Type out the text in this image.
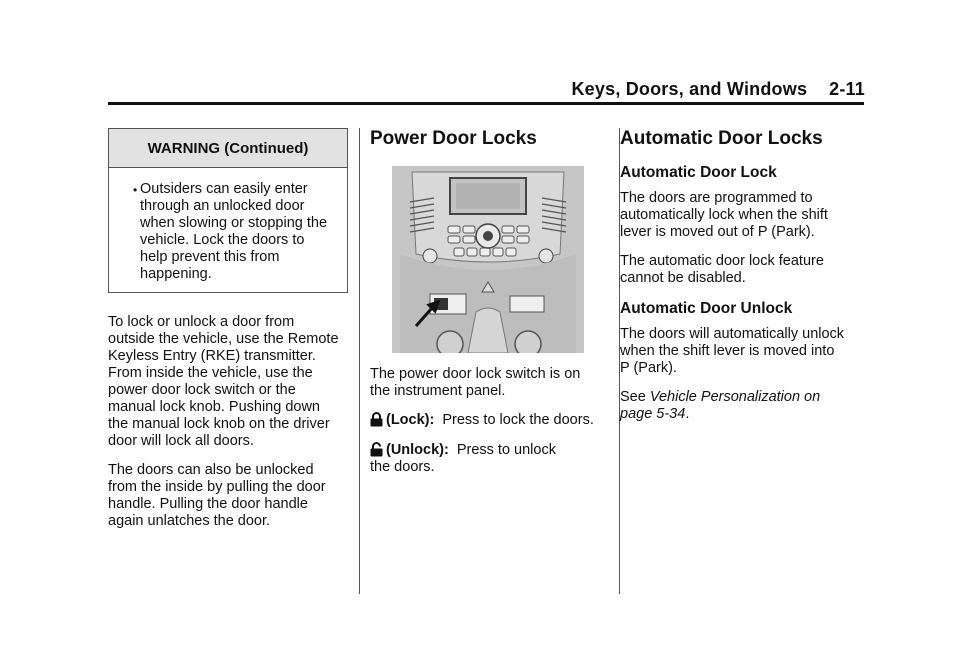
Keys, Doors, and Windows 2-11
WARNING (Continued)
• Outsiders can easily enter
through an unlocked door
when slowing or stopping the
vehicle. Lock the doors to
help prevent this from
happening.

To lock or unlock a door from
outside the vehicle, use the Remote
Keyless Entry (RKE) transmitter.
From inside the vehicle, use the
power door lock switch or the
manual lock knob. Pushing down
the manual lock knob on the driver
door will lock all doors.

The doors can also be unlocked
from the inside by pulling the door
handle. Pulling the door handle
again unlatches the door.

Power Door Locks

The power door lock switch is on
the instrument panel.

(Lock): Press to lock the doors.

(Unlock): Press to unlock
the doors.

Automatic Door Locks
Automatic Door Lock

The doors are programmed to
automatically lock when the shift
lever is moved out of P (Park).

The automatic door lock feature
cannot be disabled.

Automatic Door Unlock

The doors will automatically unlock
when the shift lever is moved into
P (Park).

See Vehicle Personalization on
page 5-34.
